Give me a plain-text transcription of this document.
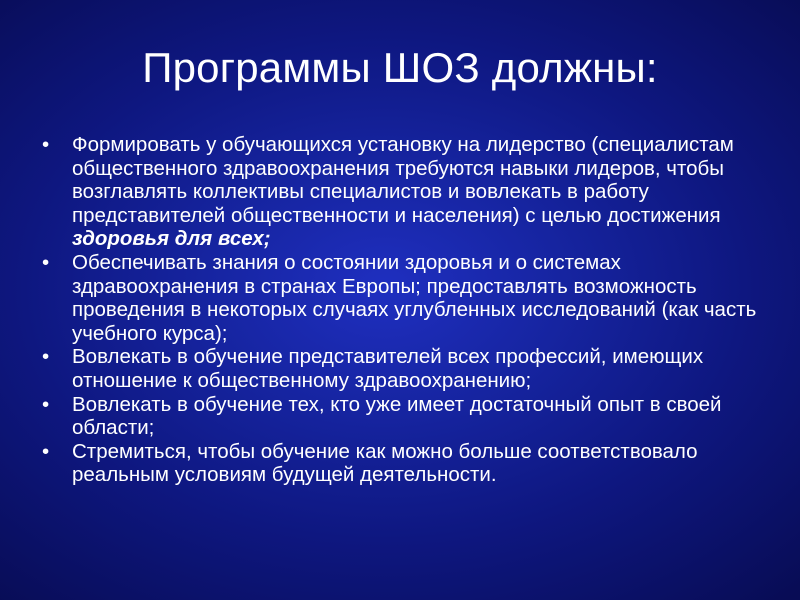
Программы ШОЗ должны:
•	Формировать у обучающихся установку на лидерство (специалистам общественного здравоохранения требуются навыки лидеров, чтобы возглавлять коллективы специалистов и вовлекать в работу представителей общественности и населения) с целью достижения здоровья для всех;
•	Обеспечивать знания о состоянии здоровья и о системах здравоохранения в странах Европы; предоставлять возможность проведения в некоторых случаях углубленных исследований (как часть учебного курса);
•	Вовлекать в обучение представителей всех профессий, имеющих отношение к общественному здравоохранению;
•	Вовлекать в обучение тех, кто уже имеет достаточный опыт в своей области;
•	Стремиться, чтобы обучение как можно больше соответствовало реальным условиям будущей деятельности.
